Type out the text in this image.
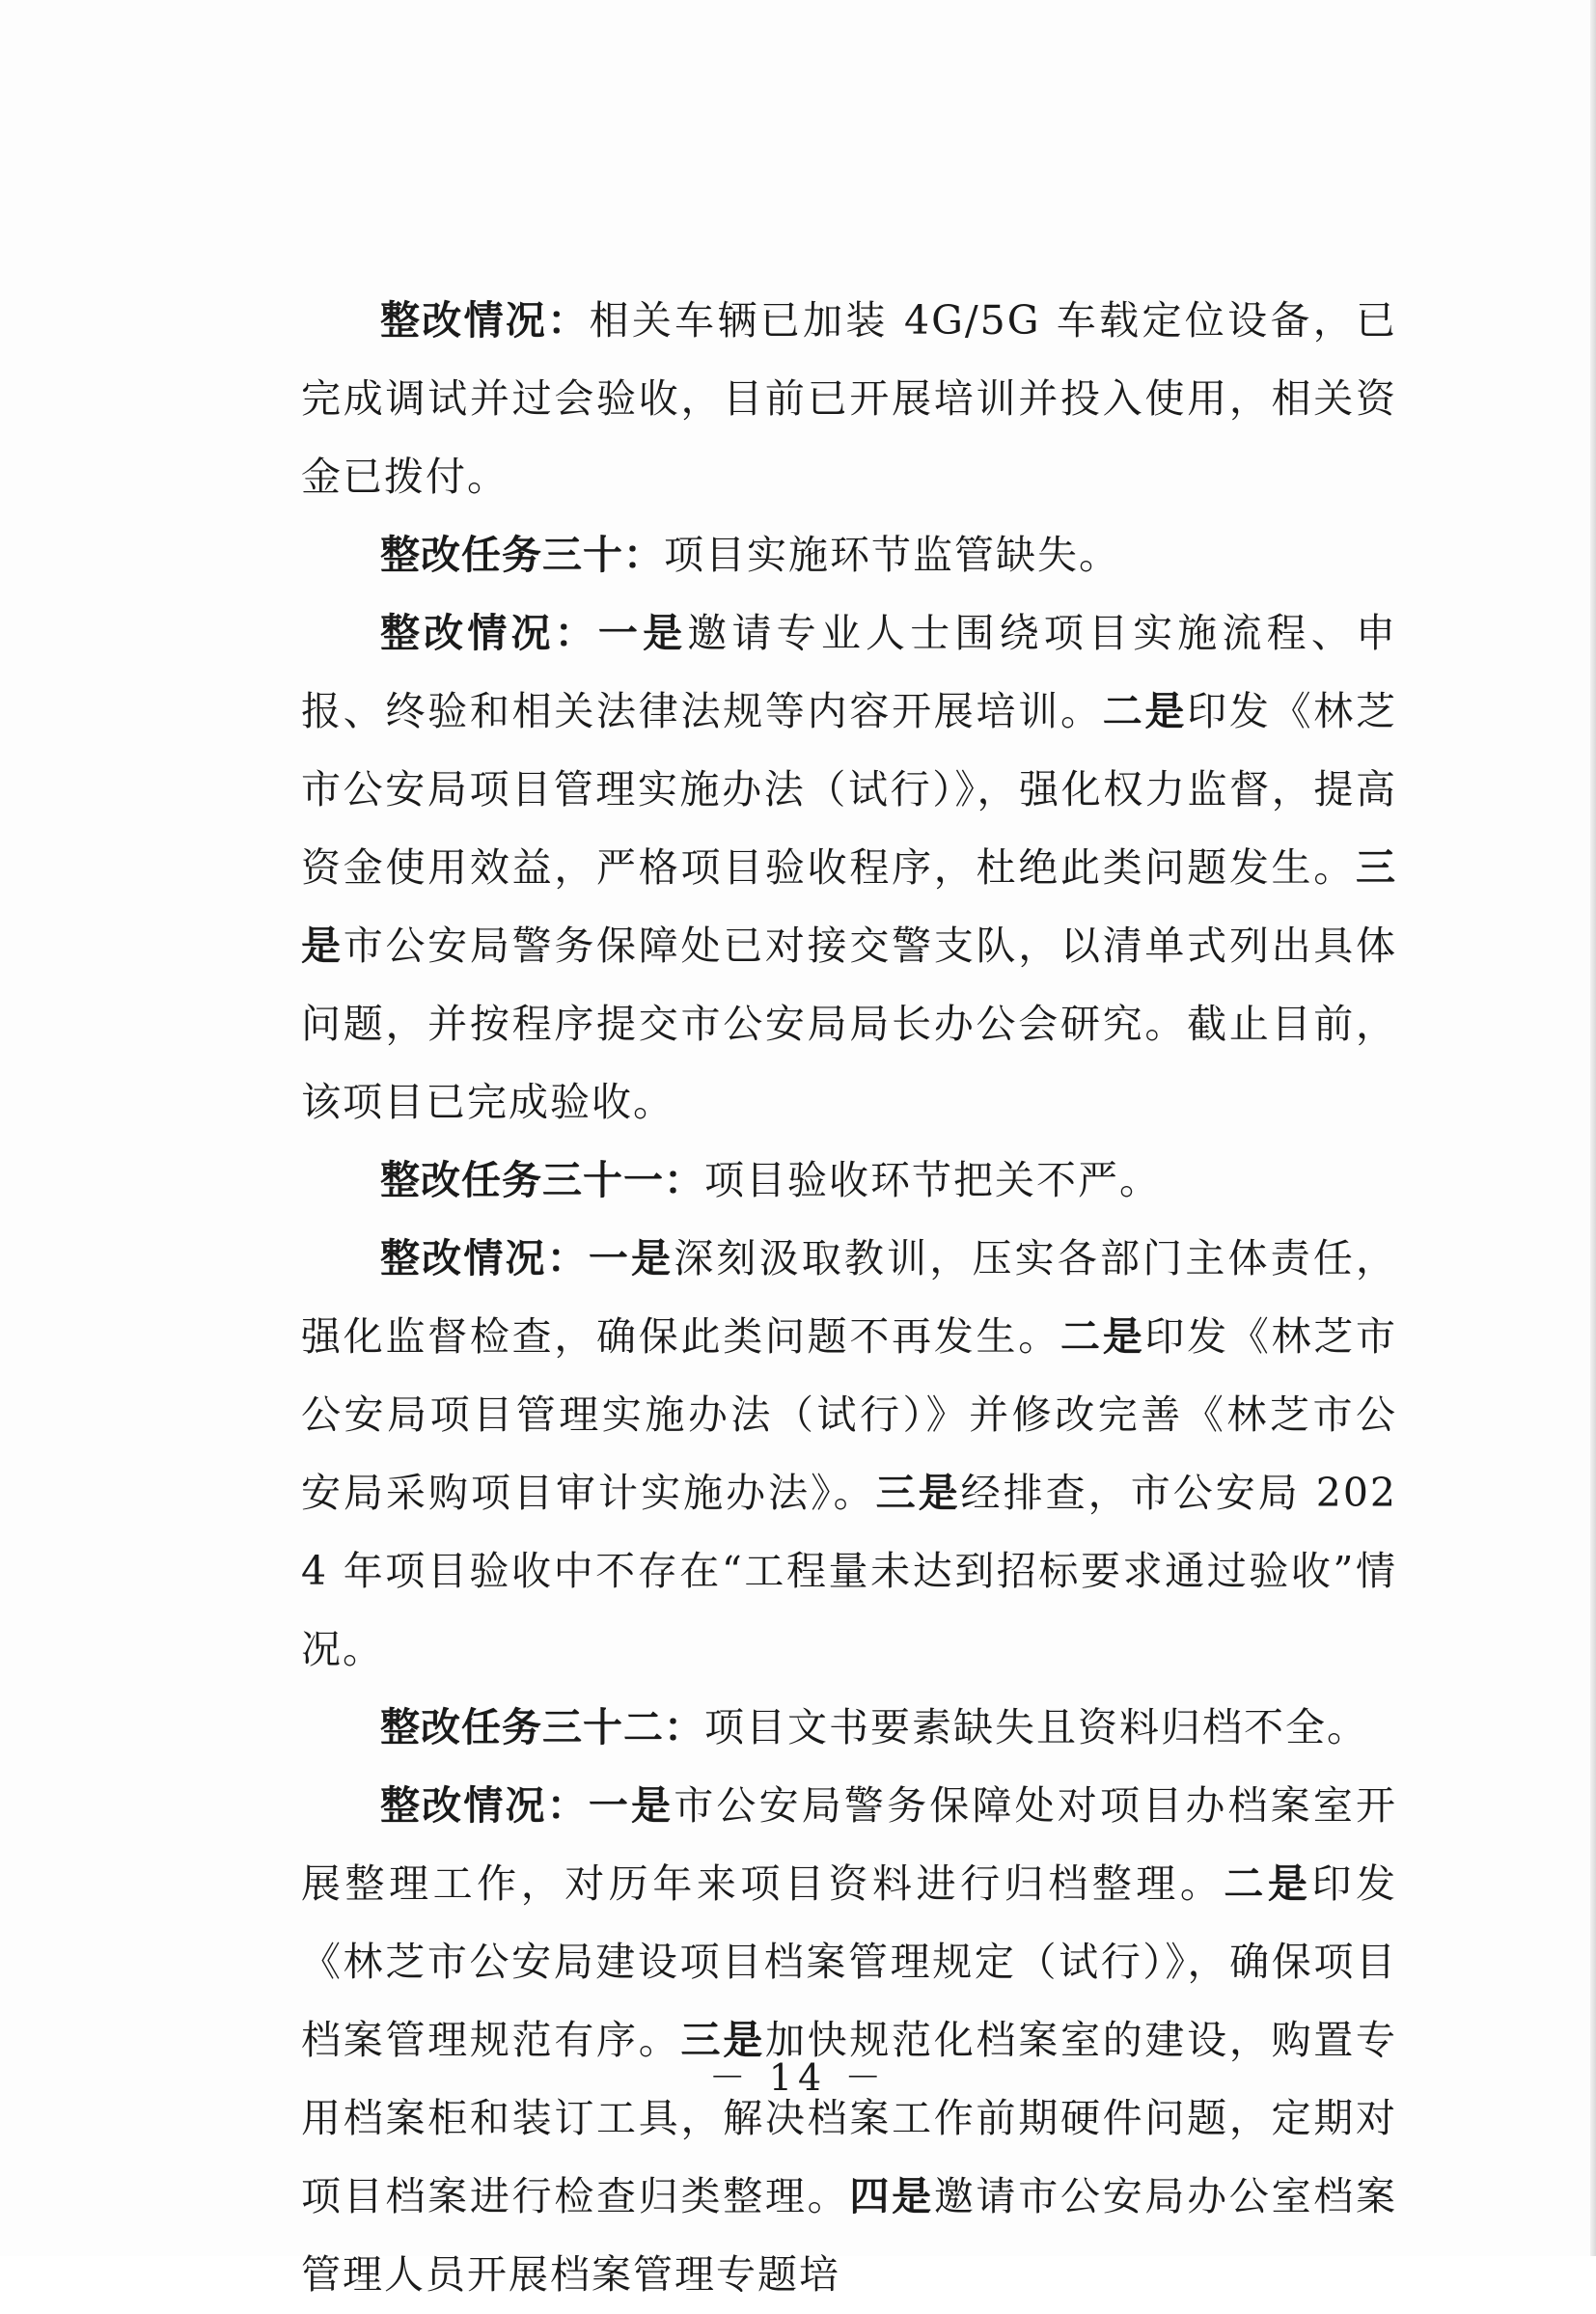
整改情况：相关车辆已加装 4G/5G 车载定位设备，已完成调试并过会验收，目前已开展培训并投入使用，相关资金已拨付。

整改任务三十：项目实施环节监管缺失。

整改情况：一是邀请专业人士围绕项目实施流程、申报、终验和相关法律法规等内容开展培训。二是印发《林芝市公安局项目管理实施办法（试行）》，强化权力监督，提高资金使用效益，严格项目验收程序，杜绝此类问题发生。三是市公安局警务保障处已对接交警支队，以清单式列出具体问题，并按程序提交市公安局局长办公会研究。截止目前，该项目已完成验收。

整改任务三十一：项目验收环节把关不严。

整改情况：一是深刻汲取教训，压实各部门主体责任，强化监督检查，确保此类问题不再发生。二是印发《林芝市公安局项目管理实施办法（试行）》并修改完善《林芝市公安局采购项目审计实施办法》。三是经排查，市公安局 2024 年项目验收中不存在“工程量未达到招标要求通过验收”情况。

整改任务三十二：项目文书要素缺失且资料归档不全。

整改情况：一是市公安局警务保障处对项目办档案室开展整理工作，对历年来项目资料进行归档整理。二是印发《林芝市公安局建设项目档案管理规定（试行）》，确保项目档案管理规范有序。三是加快规范化档案室的建设，购置专用档案柜和装订工具，解决档案工作前期硬件问题，定期对项目档案进行检查归类整理。四是邀请市公安局办公室档案管理人员开展档案管理专题培

－ 14 －
